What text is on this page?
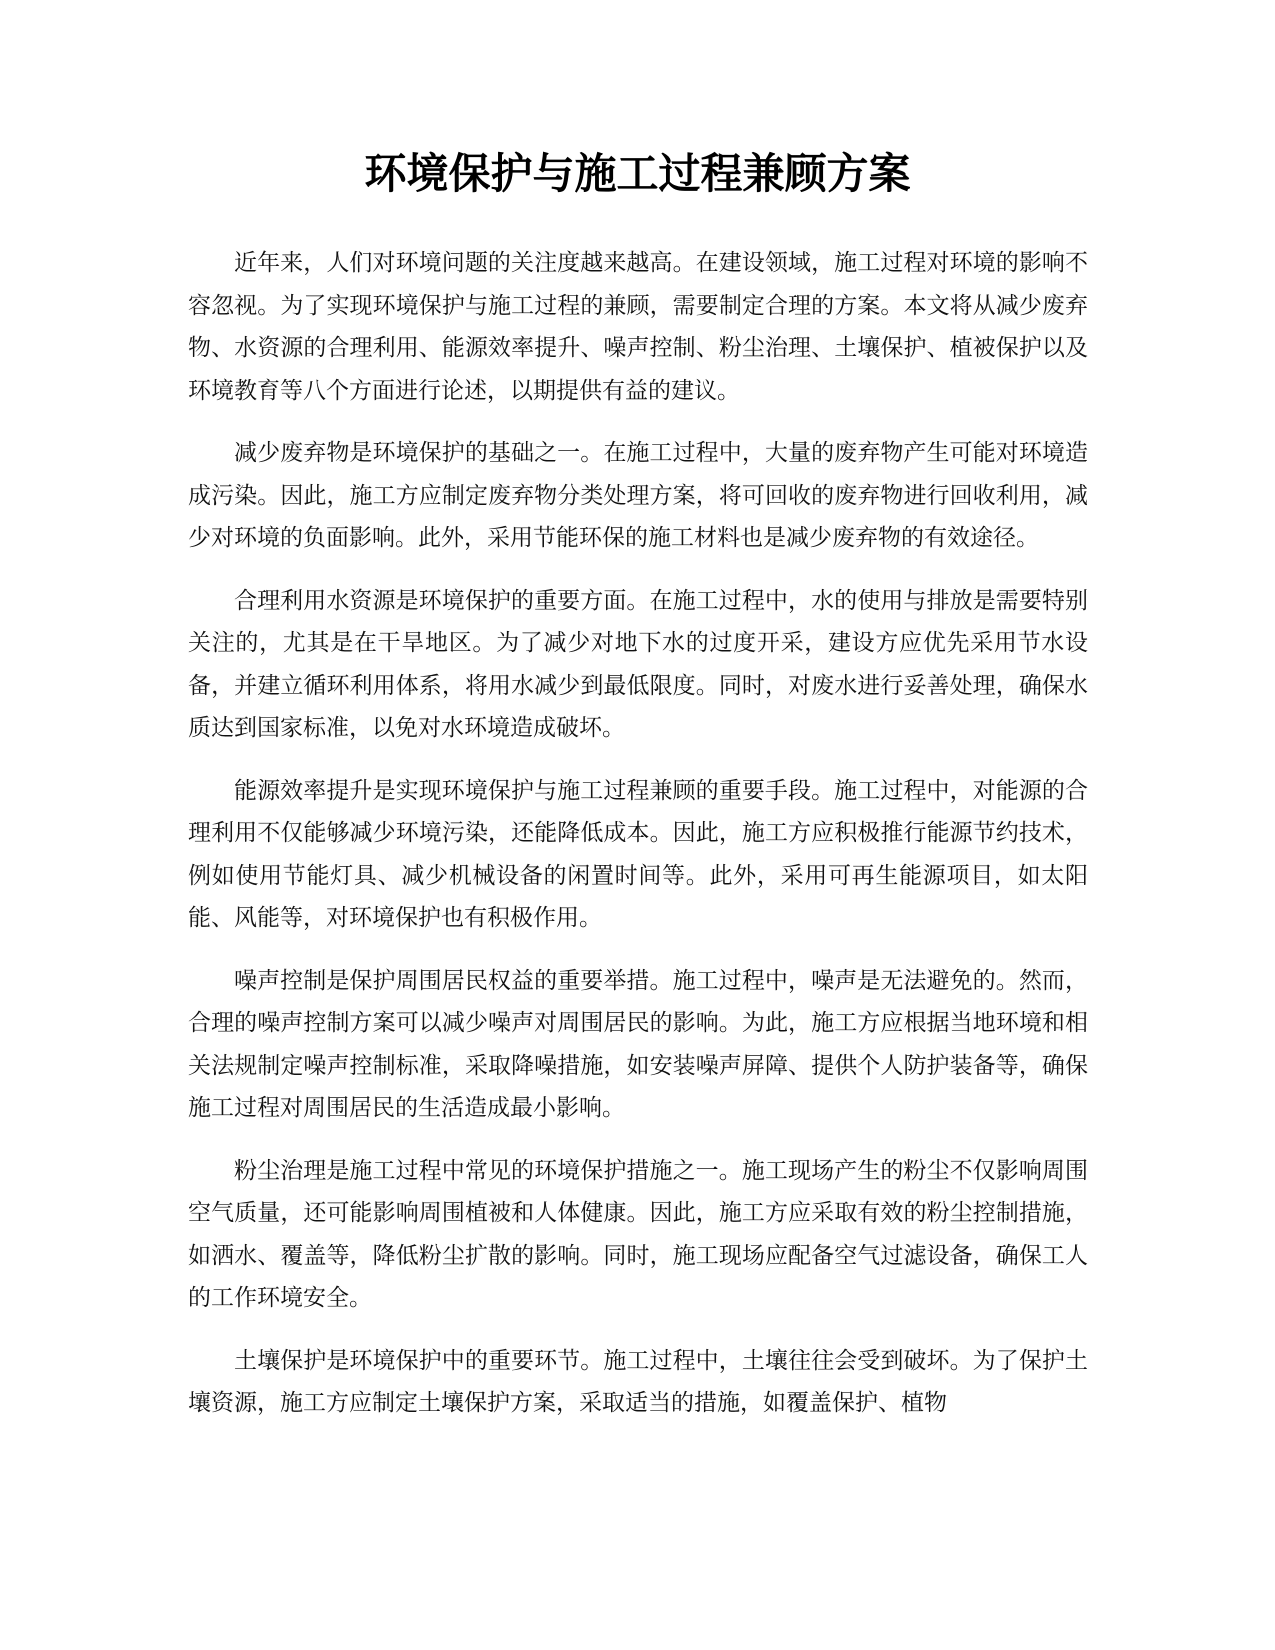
环境保护与施工过程兼顾方案

近年来，人们对环境问题的关注度越来越高。在建设领域，施工过程对环境的影响不容忽视。为了实现环境保护与施工过程的兼顾，需要制定合理的方案。本文将从减少废弃物、水资源的合理利用、能源效率提升、噪声控制、粉尘治理、土壤保护、植被保护以及环境教育等八个方面进行论述，以期提供有益的建议。

减少废弃物是环境保护的基础之一。在施工过程中，大量的废弃物产生可能对环境造成污染。因此，施工方应制定废弃物分类处理方案，将可回收的废弃物进行回收利用，减少对环境的负面影响。此外，采用节能环保的施工材料也是减少废弃物的有效途径。

合理利用水资源是环境保护的重要方面。在施工过程中，水的使用与排放是需要特别关注的，尤其是在干旱地区。为了减少对地下水的过度开采，建设方应优先采用节水设备，并建立循环利用体系，将用水减少到最低限度。同时，对废水进行妥善处理，确保水质达到国家标准，以免对水环境造成破坏。

能源效率提升是实现环境保护与施工过程兼顾的重要手段。施工过程中，对能源的合理利用不仅能够减少环境污染，还能降低成本。因此，施工方应积极推行能源节约技术，例如使用节能灯具、减少机械设备的闲置时间等。此外，采用可再生能源项目，如太阳能、风能等，对环境保护也有积极作用。

噪声控制是保护周围居民权益的重要举措。施工过程中，噪声是无法避免的。然而，合理的噪声控制方案可以减少噪声对周围居民的影响。为此，施工方应根据当地环境和相关法规制定噪声控制标准，采取降噪措施，如安装噪声屏障、提供个人防护装备等，确保施工过程对周围居民的生活造成最小影响。

粉尘治理是施工过程中常见的环境保护措施之一。施工现场产生的粉尘不仅影响周围空气质量，还可能影响周围植被和人体健康。因此，施工方应采取有效的粉尘控制措施，如洒水、覆盖等，降低粉尘扩散的影响。同时，施工现场应配备空气过滤设备，确保工人的工作环境安全。

土壤保护是环境保护中的重要环节。施工过程中，土壤往往会受到破坏。为了保护土壤资源，施工方应制定土壤保护方案，采取适当的措施，如覆盖保护、植物
